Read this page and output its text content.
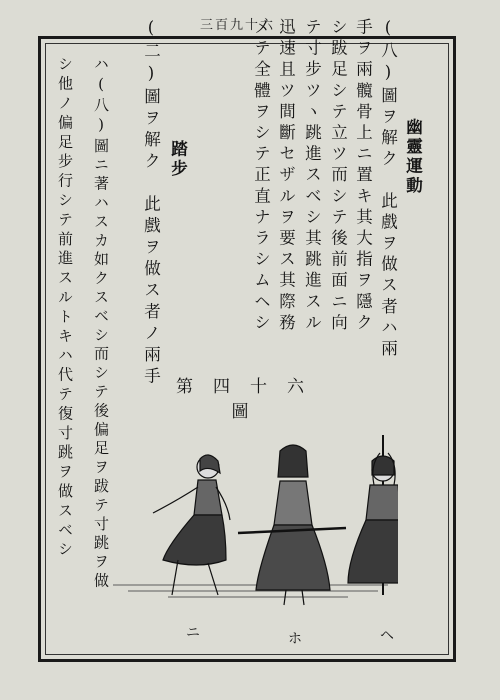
三百九十六
幽靈運動
(八)圖ヲ解ク　此戲ヲ做ス者ハ兩
手ヲ兩髖骨上ニ置キ其大指ヲ隱ク
シ跋足シテ立ツ而シテ後前面ニ向
テ寸步ツヽ跳進スベシ其跳進スル
迅速且ツ間斷セザルヲ要ス其際務
メテ全體ヲシテ正直ナラシムヘシ
踏步
(二)圖ヲ解ク　此戲ヲ做ス者ノ兩手
ハ(八)圖ニ著ハスカ如クスベシ而シテ後偏足ヲ跋テ寸跳ヲ做
シ他ノ偏足步行シテ前進スルトキハ代テ復寸跳ヲ做スベシ	第四十六圖
ニ	ホ	ヘ
